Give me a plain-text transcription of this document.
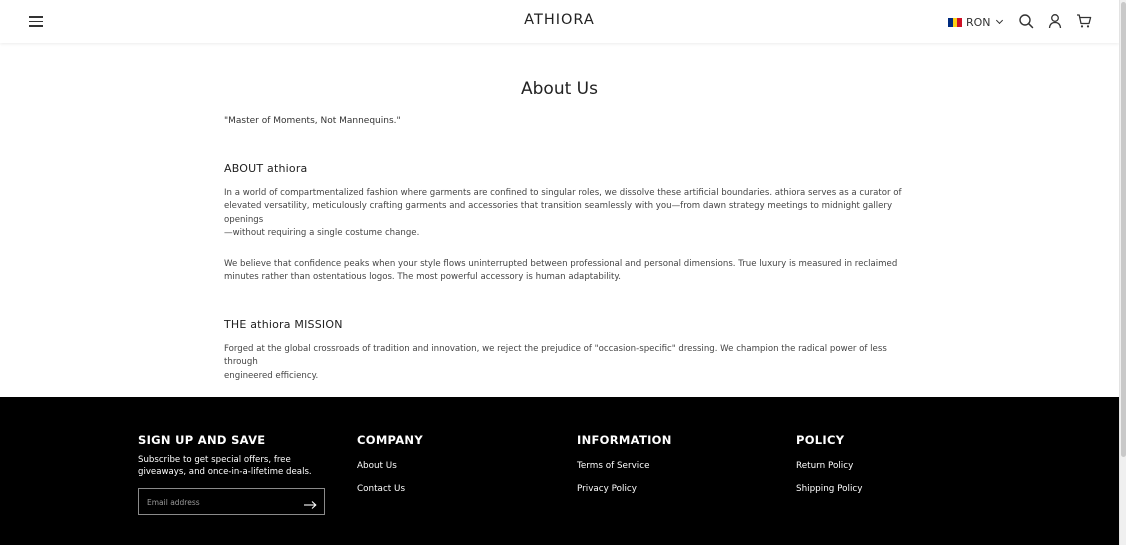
ATHIORA	RON
About Us
"Master of Moments, Not Mannequins."
ABOUT athiora
In a world of compartmentalized fashion where garments are confined to singular roles, we dissolve these artificial boundaries. athiora serves as a curator of
elevated versatility, meticulously crafting garments and accessories that transition seamlessly with you—from dawn strategy meetings to midnight gallery openings
—without requiring a single costume change.
We believe that confidence peaks when your style flows uninterrupted between professional and personal dimensions. True luxury is measured in reclaimed
minutes rather than ostentatious logos. The most powerful accessory is human adaptability.
THE athiora MISSION
Forged at the global crossroads of tradition and innovation, we reject the prejudice of "occasion-specific" dressing. We champion the radical power of less through
engineered efficiency.
SIGN UP AND SAVE
Subscribe to get special offers, free
giveaways, and once-in-a-lifetime deals.
Email address
COMPANY
About Us
Contact Us
INFORMATION
Terms of Service
Privacy Policy
POLICY
Return Policy
Shipping Policy
